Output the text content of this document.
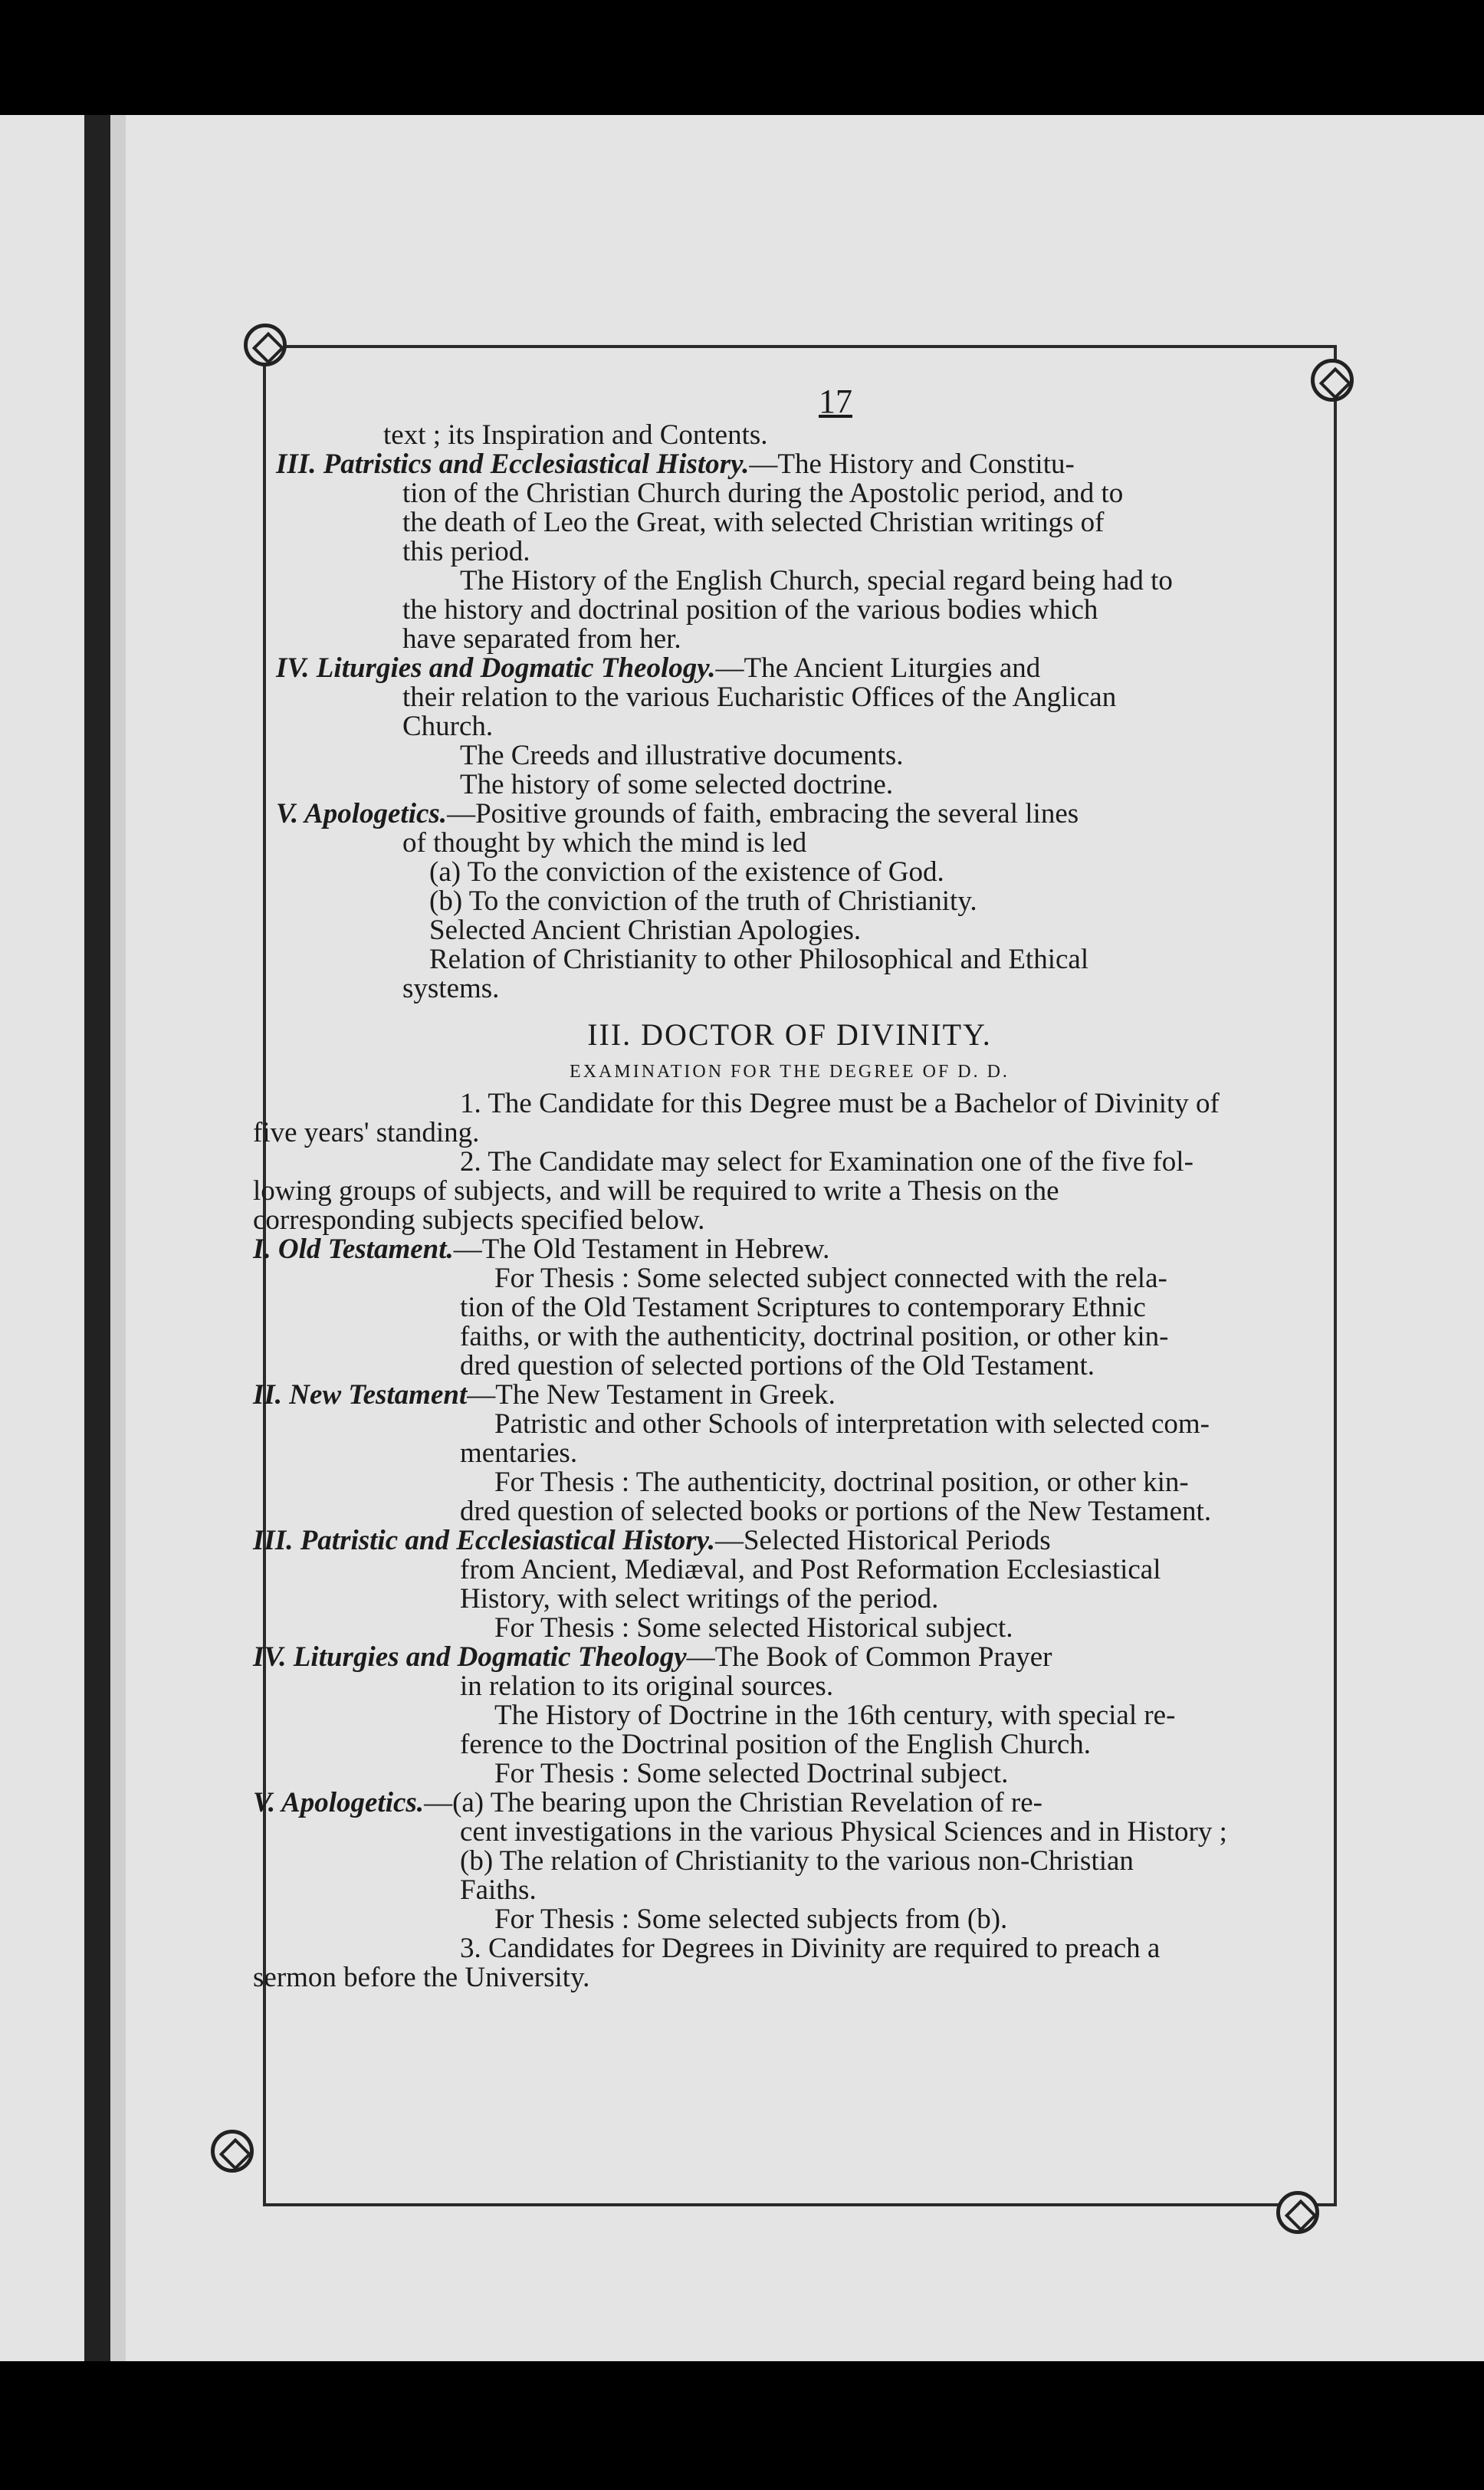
17
text ; its Inspiration and Contents.
III. Patristics and Ecclesiastical History.—The History and Constitu-
tion of the Christian Church during the Apostolic period, and to
the death of Leo the Great, with selected Christian writings of
this period.
The History of the English Church, special regard being had to
the history and doctrinal position of the various bodies which
have separated from her.
IV. Liturgies and Dogmatic Theology.—The Ancient Liturgies and
their relation to the various Eucharistic Offices of the Anglican
Church.
The Creeds and illustrative documents.
The history of some selected doctrine.
V. Apologetics.—Positive grounds of faith, embracing the several lines
of thought by which the mind is led
(a) To the conviction of the existence of God.
(b) To the conviction of the truth of Christianity.
Selected Ancient Christian Apologies.
Relation of Christianity to other Philosophical and Ethical
systems.
III. DOCTOR OF DIVINITY.
EXAMINATION FOR THE DEGREE OF D. D.
1. The Candidate for this Degree must be a Bachelor of Divinity of
five years' standing.
2. The Candidate may select for Examination one of the five fol-
lowing groups of subjects, and will be required to write a Thesis on the
corresponding subjects specified below.
I. Old Testament.—The Old Testament in Hebrew.
For Thesis : Some selected subject connected with the rela-
tion of the Old Testament Scriptures to contemporary Ethnic
faiths, or with the authenticity, doctrinal position, or other kin-
dred question of selected portions of the Old Testament.
II. New Testament—The New Testament in Greek.
Patristic and other Schools of interpretation with selected com-
mentaries.
For Thesis : The authenticity, doctrinal position, or other kin-
dred question of selected books or portions of the New Testament.
III. Patristic and Ecclesiastical History.—Selected Historical Periods
from Ancient, Mediæval, and Post Reformation Ecclesiastical
History, with select writings of the period.
For Thesis : Some selected Historical subject.
IV. Liturgies and Dogmatic Theology—The Book of Common Prayer
in relation to its original sources.
The History of Doctrine in the 16th century, with special re-
ference to the Doctrinal position of the English Church.
For Thesis : Some selected Doctrinal subject.
V. Apologetics.—(a) The bearing upon the Christian Revelation of re-
cent investigations in the various Physical Sciences and in History ;
(b) The relation of Christianity to the various non-Christian
Faiths.
For Thesis : Some selected subjects from (b).
3. Candidates for Degrees in Divinity are required to preach a
sermon before the University.
